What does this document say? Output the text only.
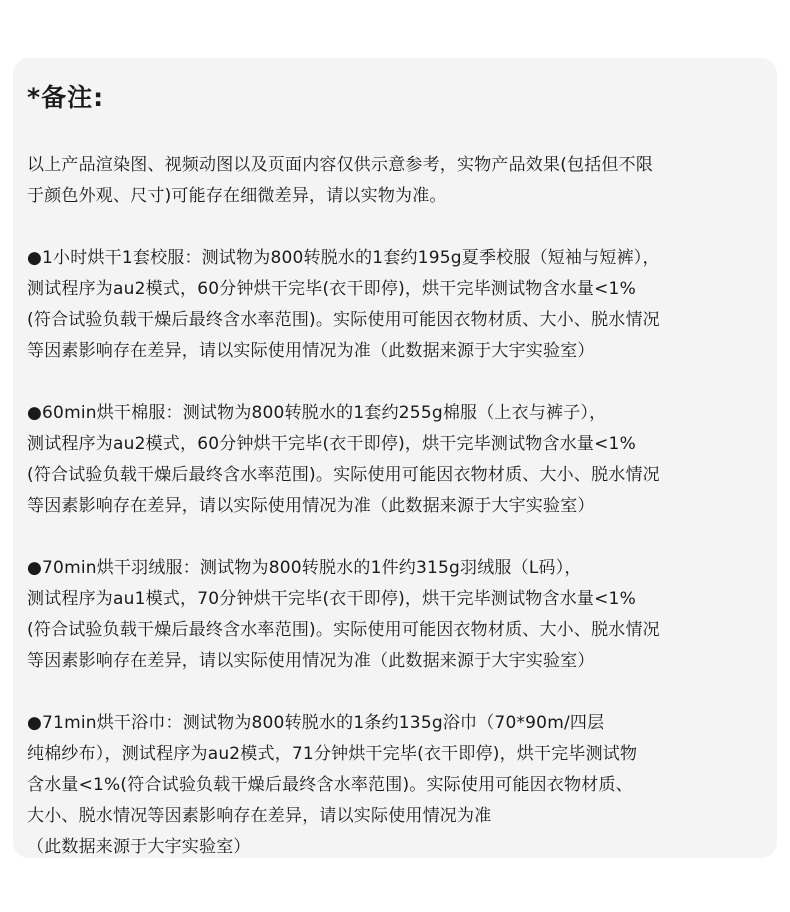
*备注:

以上产品渲染图、视频动图以及页面内容仅供示意参考，实物产品效果(包括但不限
于颜色外观、尺寸)可能存在细微差异，请以实物为准。

●1小时烘干1套校服：测试物为800转脱水的1套约195g夏季校服（短袖与短裤），
测试程序为au2模式，60分钟烘干完毕(衣干即停)，烘干完毕测试物含水量<1%
(符合试验负载干燥后最终含水率范围)。实际使用可能因衣物材质、大小、脱水情况
等因素影响存在差异，请以实际使用情况为准（此数据来源于大宇实验室）

●60min烘干棉服：测试物为800转脱水的1套约255g棉服（上衣与裤子），
测试程序为au2模式，60分钟烘干完毕(衣干即停)，烘干完毕测试物含水量<1%
(符合试验负载干燥后最终含水率范围)。实际使用可能因衣物材质、大小、脱水情况
等因素影响存在差异，请以实际使用情况为准（此数据来源于大宇实验室）

●70min烘干羽绒服：测试物为800转脱水的1件约315g羽绒服（L码），
测试程序为au1模式，70分钟烘干完毕(衣干即停)，烘干完毕测试物含水量<1%
(符合试验负载干燥后最终含水率范围)。实际使用可能因衣物材质、大小、脱水情况
等因素影响存在差异，请以实际使用情况为准（此数据来源于大宇实验室）

●71min烘干浴巾：测试物为800转脱水的1条约135g浴巾（70*90m/四层
纯棉纱布），测试程序为au2模式，71分钟烘干完毕(衣干即停)，烘干完毕测试物
含水量<1%(符合试验负载干燥后最终含水率范围)。实际使用可能因衣物材质、
大小、脱水情况等因素影响存在差异，请以实际使用情况为准
（此数据来源于大宇实验室）
